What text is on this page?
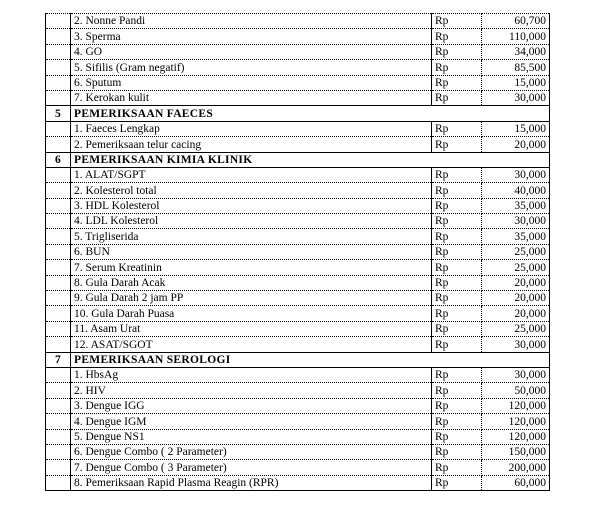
	2. Nonne Pandi	Rp	60,700
	3. Sperma	Rp	110,000
	4. GO	Rp	34,000
	5. Sifilis (Gram negatif)	Rp	85,500
	6. Sputum	Rp	15,000
	7. Kerokan kulit	Rp	30,000
5	PEMERIKSAAN FAECES		
	1. Faeces Lengkap	Rp	15,000
	2. Pemeriksaan telur cacing	Rp	20,000
6	PEMERIKSAAN KIMIA KLINIK		
	1. ALAT/SGPT	Rp	30,000
	2. Kolesterol total	Rp	40,000
	3. HDL Kolesterol	Rp	35,000
	4. LDL Kolesterol	Rp	30,000
	5. Trigliserida	Rp	35,000
	6. BUN	Rp	25,000
	7. Serum Kreatinin	Rp	25,000
	8. Gula Darah Acak	Rp	20,000
	9. Gula Darah 2 jam PP	Rp	20,000
	10. Gula Darah Puasa	Rp	20,000
	11. Asam Urat	Rp	25,000
	12. ASAT/SGOT	Rp	30,000
7	PEMERIKSAAN SEROLOGI		
	1. HbsAg	Rp	30,000
	2. HIV	Rp	50,000
	3. Dengue IGG	Rp	120,000
	4. Dengue IGM	Rp	120,000
	5. Dengue NS1	Rp	120,000
	6. Dengue Combo ( 2 Parameter)	Rp	150,000
	7. Dengue Combo ( 3 Parameter)	Rp	200,000
	8. Pemeriksaan Rapid Plasma Reagin (RPR)	Rp	60,000
